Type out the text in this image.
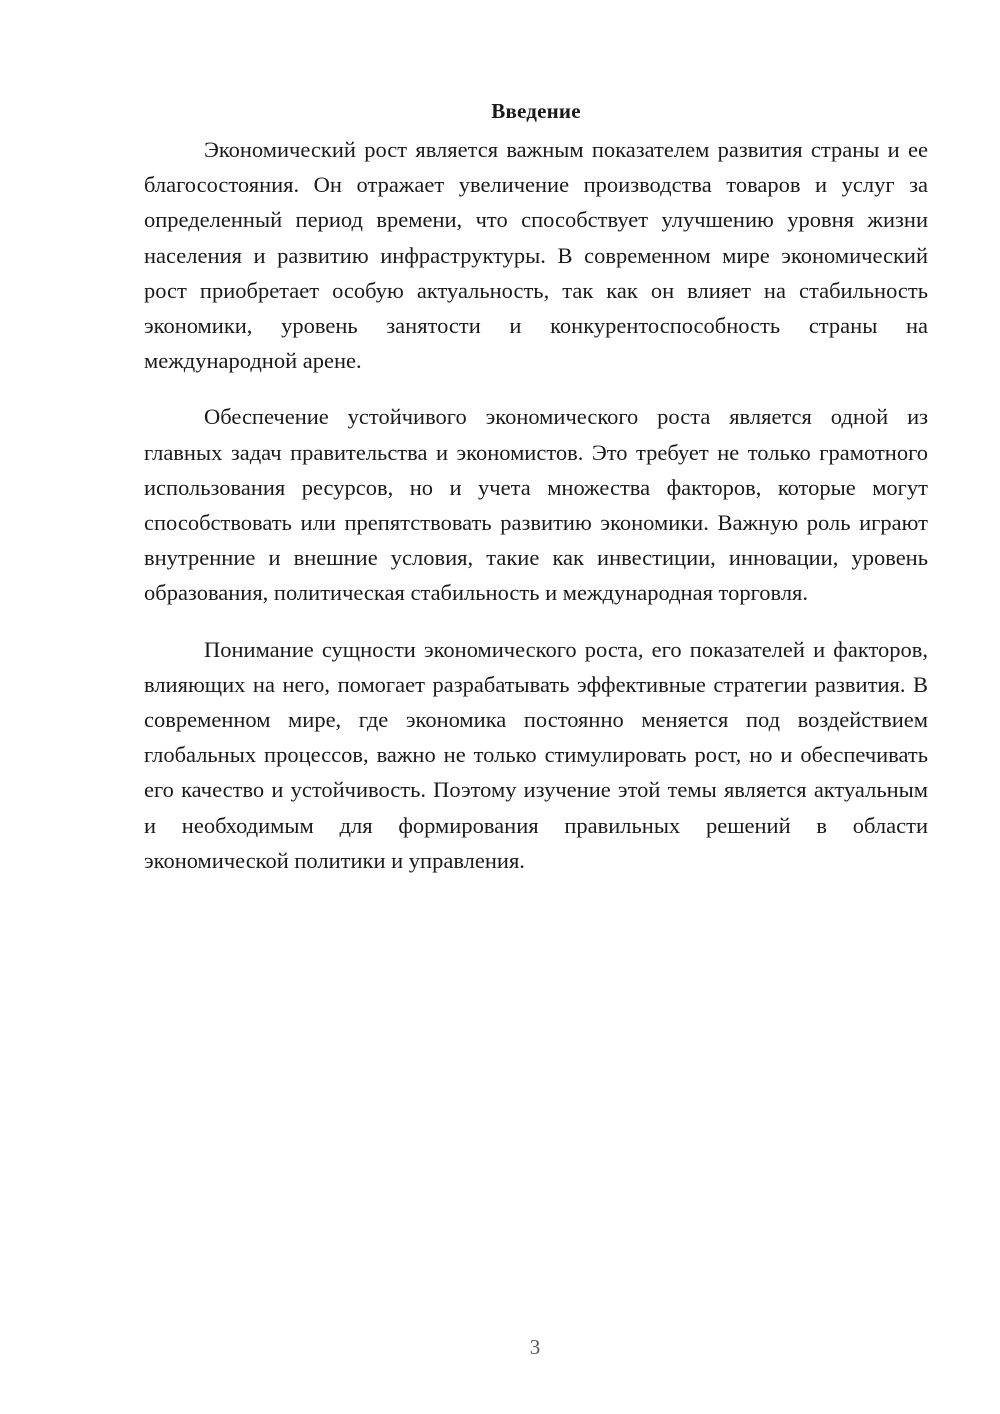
Введение

Экономический рост является важным показателем развития страны и ее благосостояния. Он отражает увеличение производства товаров и услуг за определенный период времени, что способствует улучшению уровня жизни населения и развитию инфраструктуры. В современном мире экономический рост приобретает особую актуальность, так как он влияет на стабильность экономики, уровень занятости и конкурентоспособность страны на международной арене.

Обеспечение устойчивого экономического роста является одной из главных задач правительства и экономистов. Это требует не только грамотного использования ресурсов, но и учета множества факторов, которые могут способствовать или препятствовать развитию экономики. Важную роль играют внутренние и внешние условия, такие как инвестиции, инновации, уровень образования, политическая стабильность и международная торговля.

Понимание сущности экономического роста, его показателей и факторов, влияющих на него, помогает разрабатывать эффективные стратегии развития. В современном мире, где экономика постоянно меняется под воздействием глобальных процессов, важно не только стимулировать рост, но и обеспечивать его качество и устойчивость. Поэтому изучение этой темы является актуальным и необходимым для формирования правильных решений в области экономической политики и управления.

3
